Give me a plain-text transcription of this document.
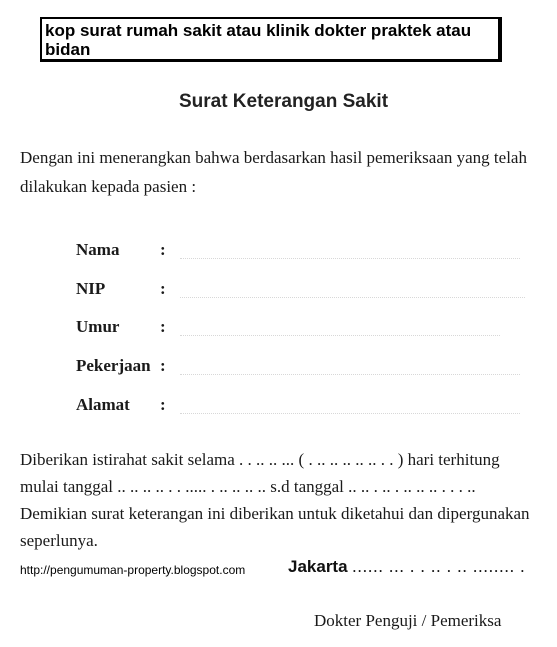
kop surat rumah sakit atau klinik dokter praktek atau
bidan
Surat Keterangan Sakit
Dengan ini menerangkan bahwa berdasarkan hasil pemeriksaan yang telah
dilakukan kepada pasien :
Nama :
NIP	:
Umur :
Pekerjaan :
Alamat :
Diberikan istirahat sakit selama . . .. .. ... ( . .. .. .. .. .. . . ) hari terhitung
mulai tanggal .. .. .. .. . . ..... . .. .. .. .. s.d tanggal .. .. . .. . .. .. .. . . . ..
Demikian surat keterangan ini diberikan untuk diketahui dan dipergunakan
seperlunya.
http://pengumuman-property.blogspot.com	Jakarta ...... ... . . .. . .. ........ .
Dokter Penguji / Pemeriksa
